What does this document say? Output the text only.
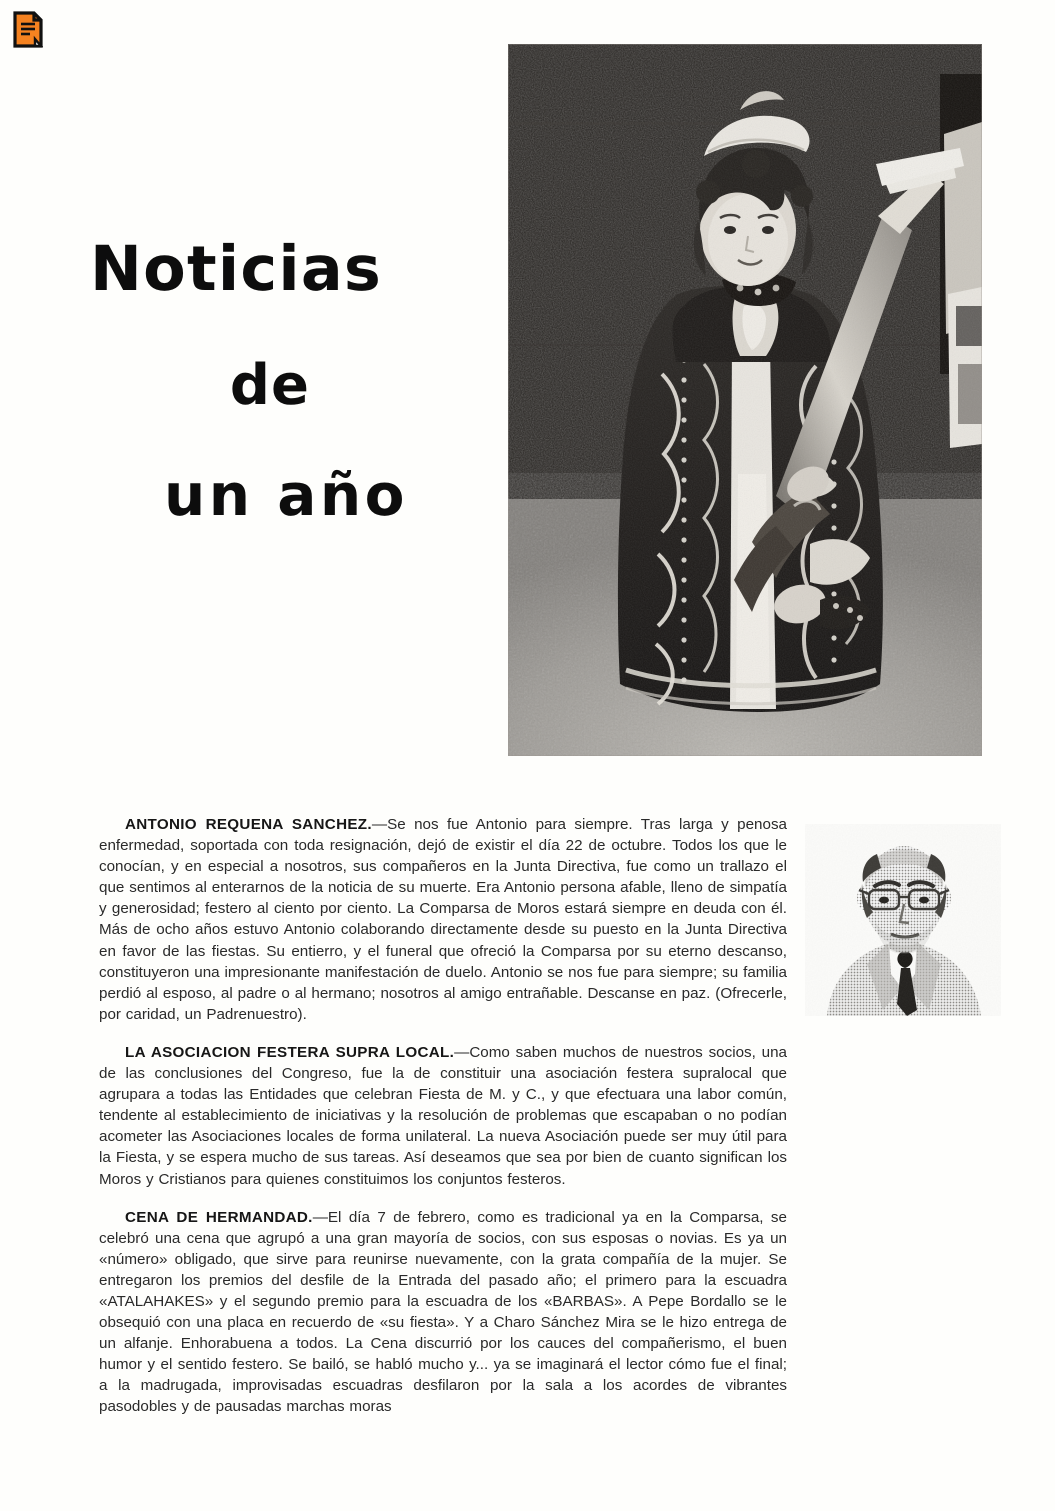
Noticias
de
un año

ANTONIO REQUENA SANCHEZ.—Se nos fue Antonio para siempre. Tras larga y penosa enfermedad, soportada con toda resignación, dejó de existir el día 22 de octubre. Todos los que le conocían, y en especial a nosotros, sus compañeros en la Junta Directiva, fue como un trallazo el que sentimos al enterarnos de la noticia de su muerte. Era Antonio persona afable, lleno de simpatía y generosidad; festero al ciento por ciento. La Comparsa de Moros estará siempre en deuda con él. Más de ocho años estuvo Antonio colaborando directamente desde su puesto en la Junta Directiva en favor de las fiestas. Su entierro, y el funeral que ofreció la Comparsa por su eterno descanso, constituyeron una impresionante manifestación de duelo. Antonio se nos fue para siempre; su familia perdió al esposo, al padre o al hermano; nosotros al amigo entrañable. Descanse en paz. (Ofrecerle, por caridad, un Padrenuestro).

LA ASOCIACION FESTERA SUPRA LOCAL.—Como saben muchos de nuestros socios, una de las conclusiones del Congreso, fue la de constituir una asociación festera supralocal que agrupara a todas las Entidades que celebran Fiesta de M. y C., y que efectuara una labor común, tendente al establecimiento de iniciativas y la resolución de problemas que escapaban o no podían acometer las Asociaciones locales de forma unilateral. La nueva Asociación puede ser muy útil para la Fiesta, y se espera mucho de sus tareas. Así deseamos que sea por bien de cuanto significan los Moros y Cristianos para quienes constituimos los conjuntos festeros.

CENA DE HERMANDAD.—El día 7 de febrero, como es tradicional ya en la Comparsa, se celebró una cena que agrupó a una gran mayoría de socios, con sus esposas o novias. Es ya un «número» obligado, que sirve para reunirse nuevamente, con la grata compañía de la mujer. Se entregaron los premios del desfile de la Entrada del pasado año; el primero para la escuadra «ATALAHAKES» y el segundo premio para la escuadra de los «BARBAS». A Pepe Bordallo se le obsequió con una placa en recuerdo de «su fiesta». Y a Charo Sánchez Mira se le hizo entrega de un alfanje. Enhorabuena a todos. La Cena discurrió por los cauces del compañerismo, el buen humor y el sentido festero. Se bailó, se habló mucho y... ya se imaginará el lector cómo fue el final; a la madrugada, improvisadas escuadras desfilaron por la sala a los acordes de vibrantes pasodobles y de pausadas marchas moras
